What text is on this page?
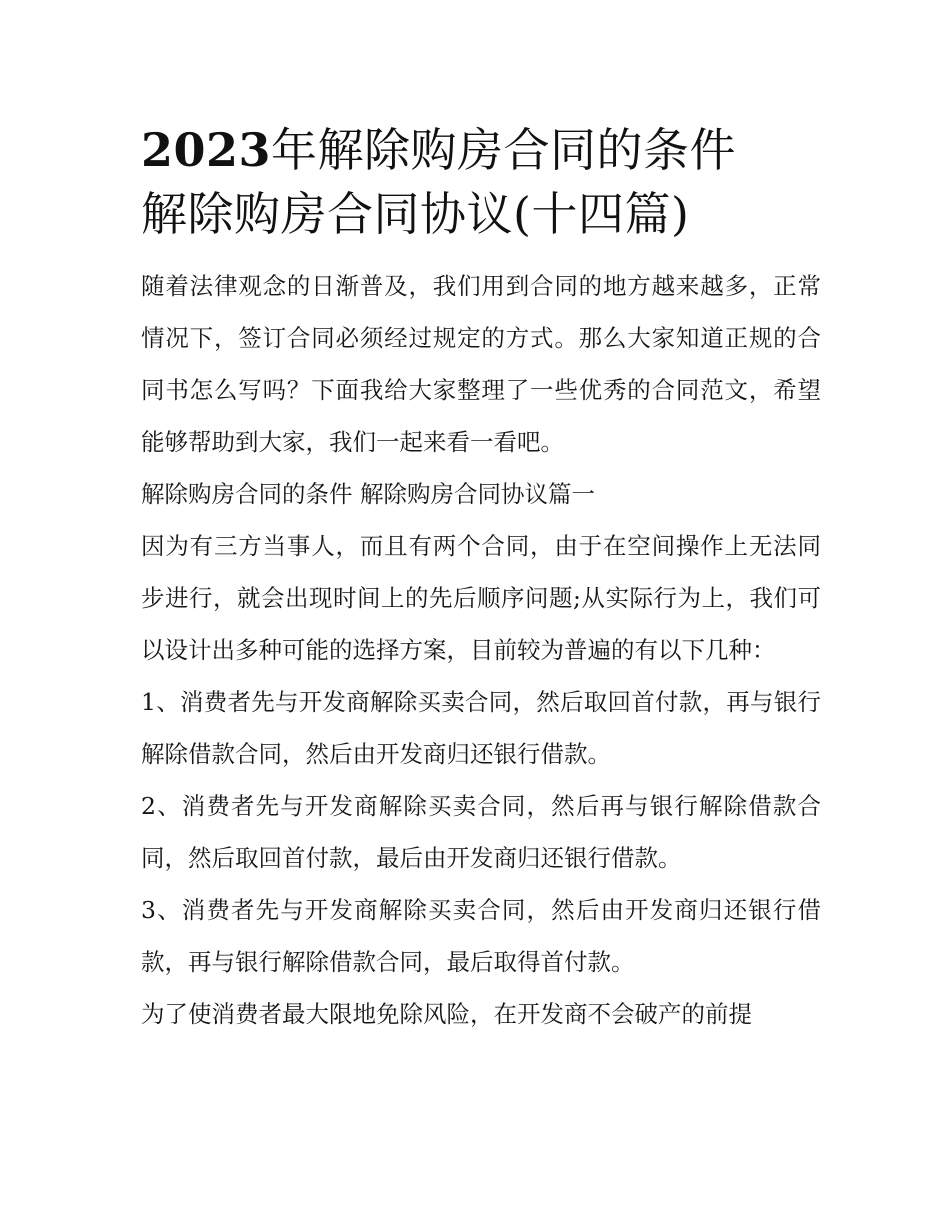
2023年解除购房合同的条件
解除购房合同协议(十四篇)

随着法律观念的日渐普及，我们用到合同的地方越来越多，正常情况下，签订合同必须经过规定的方式。那么大家知道正规的合同书怎么写吗？下面我给大家整理了一些优秀的合同范文，希望能够帮助到大家，我们一起来看一看吧。

解除购房合同的条件 解除购房合同协议篇一

因为有三方当事人，而且有两个合同，由于在空间操作上无法同步进行，就会出现时间上的先后顺序问题;从实际行为上，我们可以设计出多种可能的选择方案，目前较为普遍的有以下几种：

1、消费者先与开发商解除买卖合同，然后取回首付款，再与银行解除借款合同，然后由开发商归还银行借款。

2、消费者先与开发商解除买卖合同，然后再与银行解除借款合同，然后取回首付款，最后由开发商归还银行借款。

3、消费者先与开发商解除买卖合同，然后由开发商归还银行借款，再与银行解除借款合同，最后取得首付款。

为了使消费者最大限地免除风险，在开发商不会破产的前提
